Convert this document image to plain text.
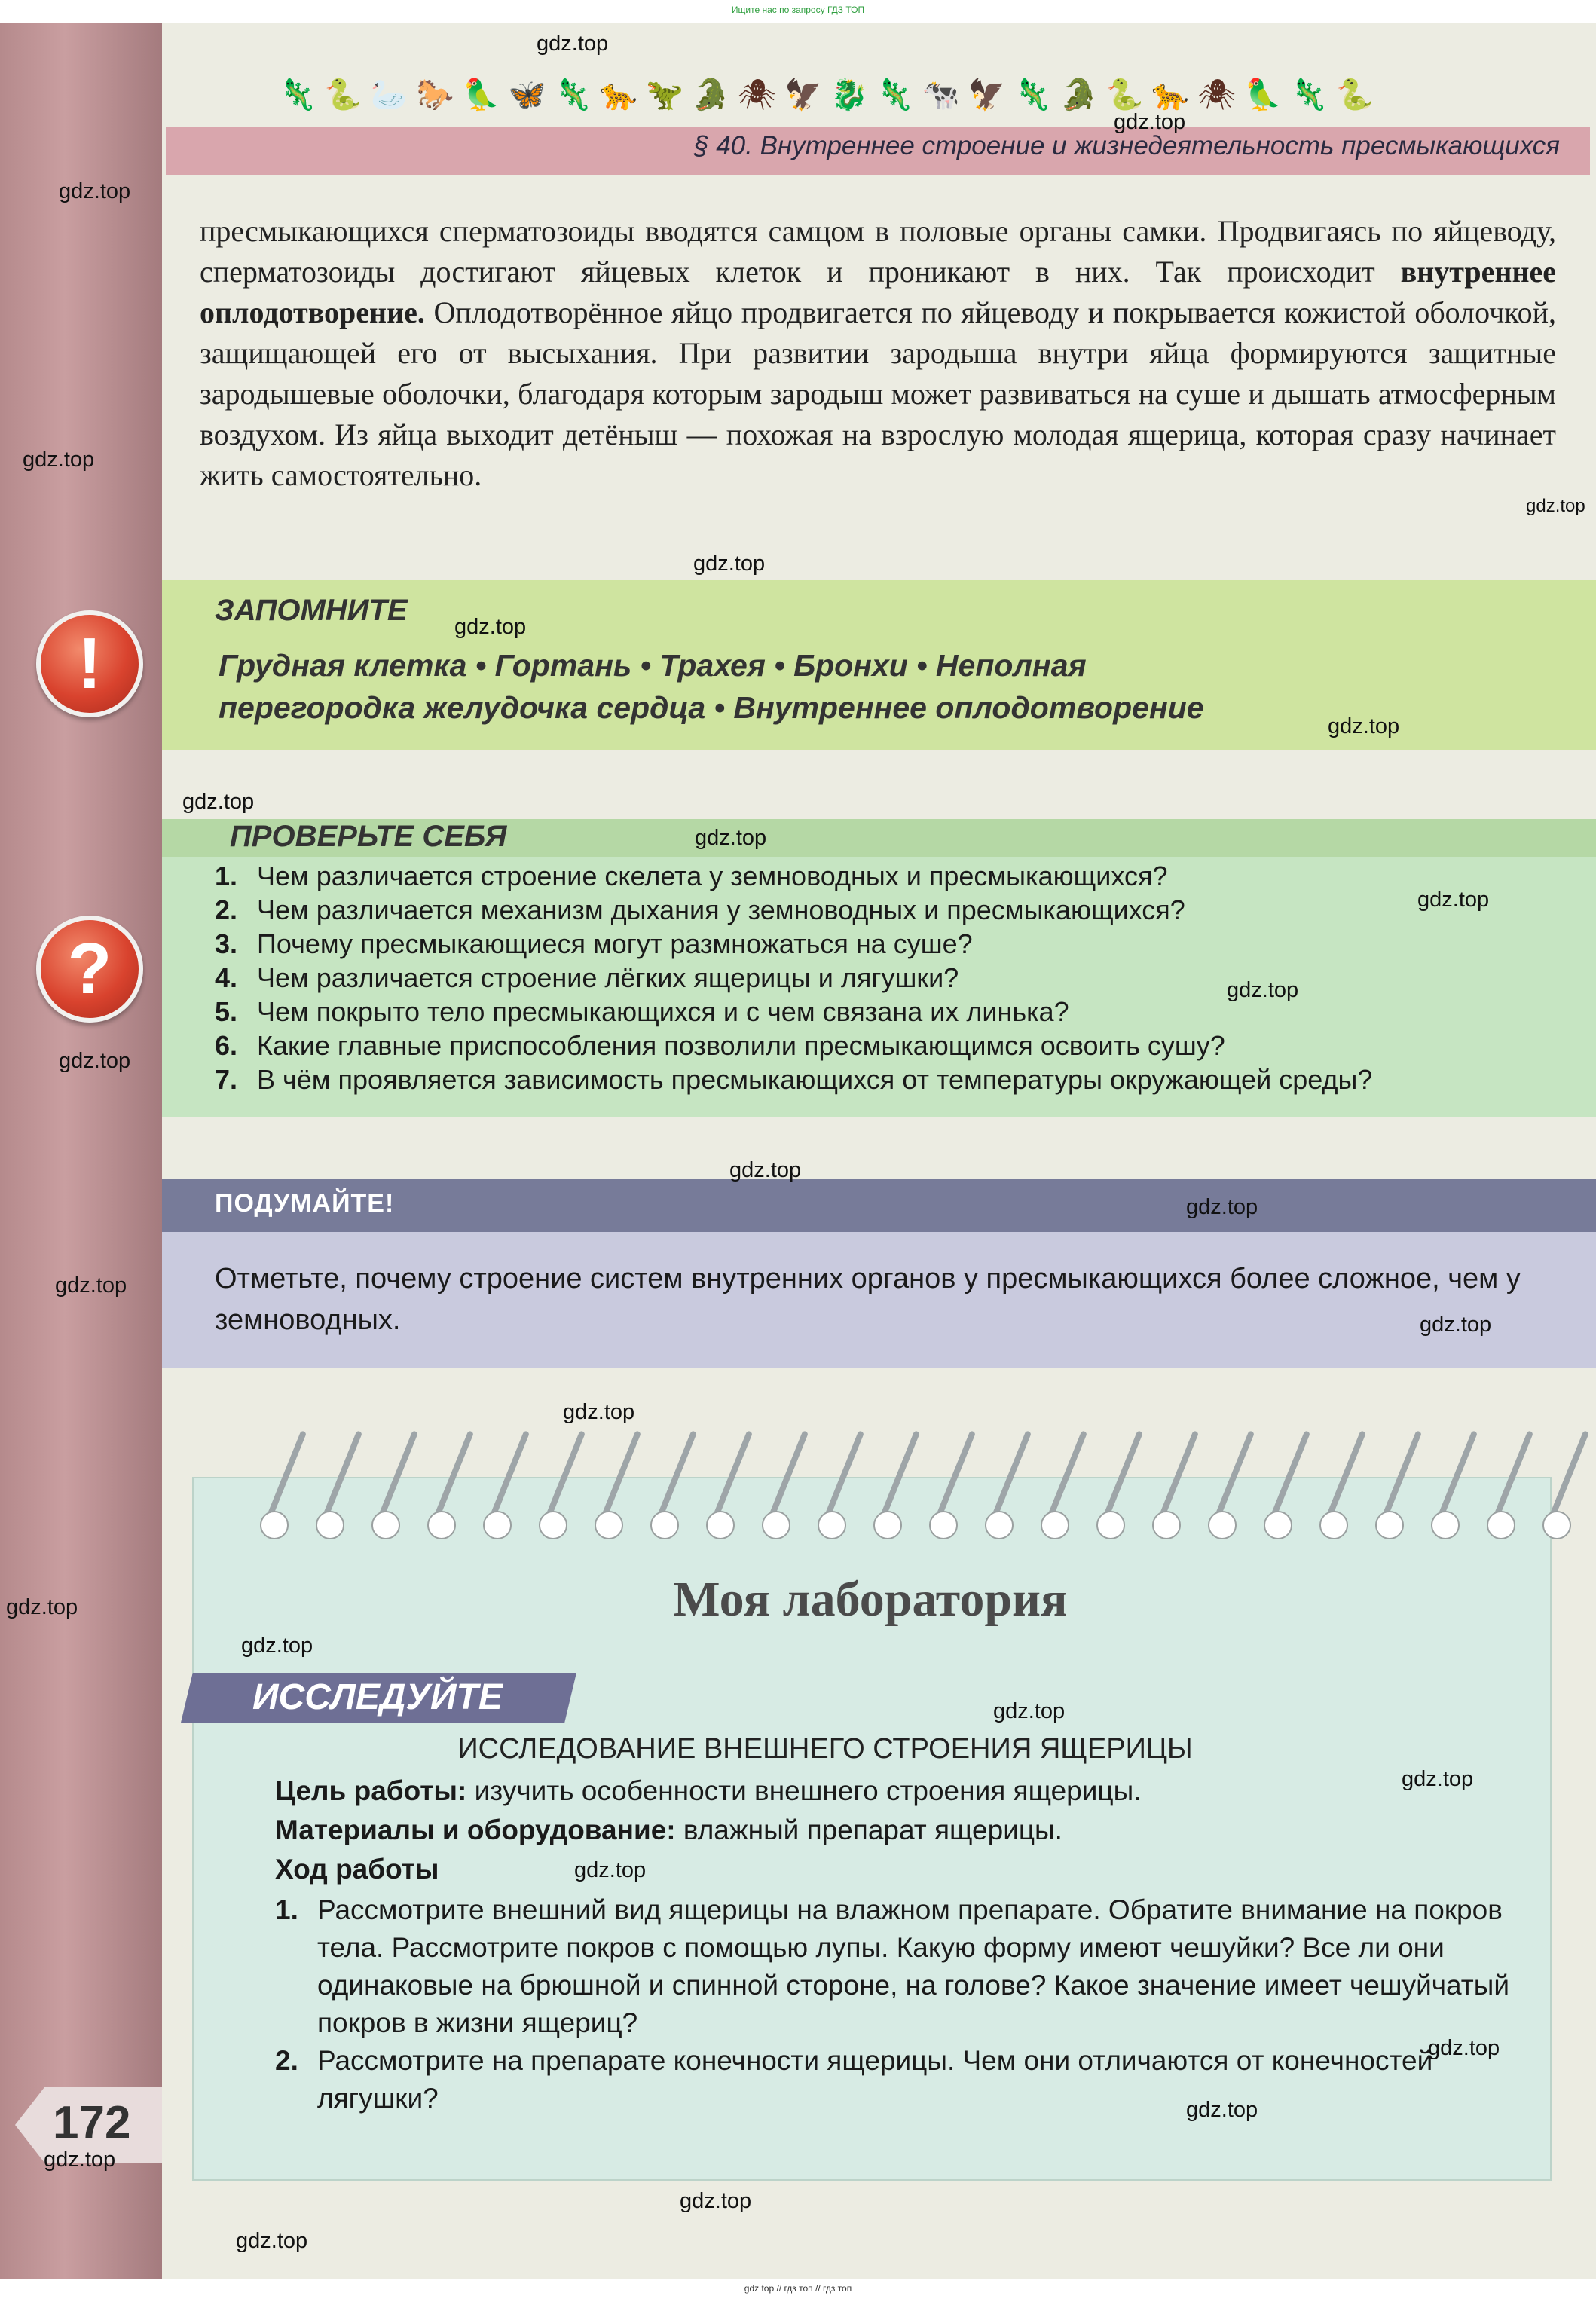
Ищите нас по запросу ГДЗ ТОП
🦎 🐍 🦢 🐎 🦜 🦋 🦎 🐆 🦖 🐊 🕷 🦅 🐉 🦎 🐄 🦅 🦎 🐊 🐍 🐆 🕷 🦜 🦎 🐍
§ 40. Внутреннее строение и жизнедеятельность пресмыкающихся
пресмыкающихся сперматозоиды вводятся самцом в половые органы самки. Продвигаясь по яйцеводу, сперматозоиды достигают яйцевых клеток и проникают в них. Так происходит внутреннее оплодотворение. Оплодотворённое яйцо продвигается по яйцеводу и покрывается кожистой оболочкой, защищающей его от высыхания. При развитии зародыша внутри яйца формируются защитные зародышевые оболочки, благодаря которым зародыш может развиваться на суше и дышать атмосферным воздухом. Из яйца выходит детёныш — похожая на взрослую молодая ящерица, которая сразу начинает жить самостоятельно.
!
ЗАПОМНИТЕ
Грудная клетка • Гортань • Трахея • Бронхи • Неполная
перегородка желудочка сердца • Внутреннее оплодотворение
?
ПРОВЕРЬТЕ СЕБЯ
1. Чем различается строение скелета у земноводных и пресмыкающихся?
2. Чем различается механизм дыхания у земноводных и пресмыкающихся?
3. Почему пресмыкающиеся могут размножаться на суше?
4. Чем различается строение лёгких ящерицы и лягушки?
5. Чем покрыто тело пресмыкающихся и с чем связана их линька?
6. Какие главные приспособления позволили пресмыкающимся освоить сушу?
7. В чём проявляется зависимость пресмыкающихся от температуры окружающей среды?
ПОДУМАЙТЕ!
Отметьте, почему строение систем внутренних органов у пресмыкающихся более сложное, чем у земноводных.
Моя лаборатория
ИССЛЕДУЙТЕ
ИССЛЕДОВАНИЕ ВНЕШНЕГО СТРОЕНИЯ ЯЩЕРИЦЫ
Цель работы: изучить особенности внешнего строения ящерицы.
Материалы и оборудование: влажный препарат ящерицы.
Ход работы
1. Рассмотрите внешний вид ящерицы на влажном препарате. Обратите внимание на покров тела. Рассмотрите покров с помощью лупы. Какую форму имеют чешуйки? Все ли они одинаковые на брюшной и спинной стороне, на голове? Какое значение имеет чешуйчатый покров в жизни ящериц?
2. Рассмотрите на препарате конечности ящерицы. Чем они отличаются от конечностей лягушки?
172
gdz.top
gdz.top
gdz.top
gdz.top
gdz.top
gdz.top
gdz.top
gdz.top
gdz.top
gdz.top
gdz.top
gdz.top
gdz.top
gdz.top
gdz.top
gdz.top
gdz.top
gdz.top
gdz.top
gdz.top
gdz.top
gdz.top
gdz.top
gdz.top
gdz.top
gdz.top
gdz.top
gdz.top
gdz top // гдз топ // гдз топ
